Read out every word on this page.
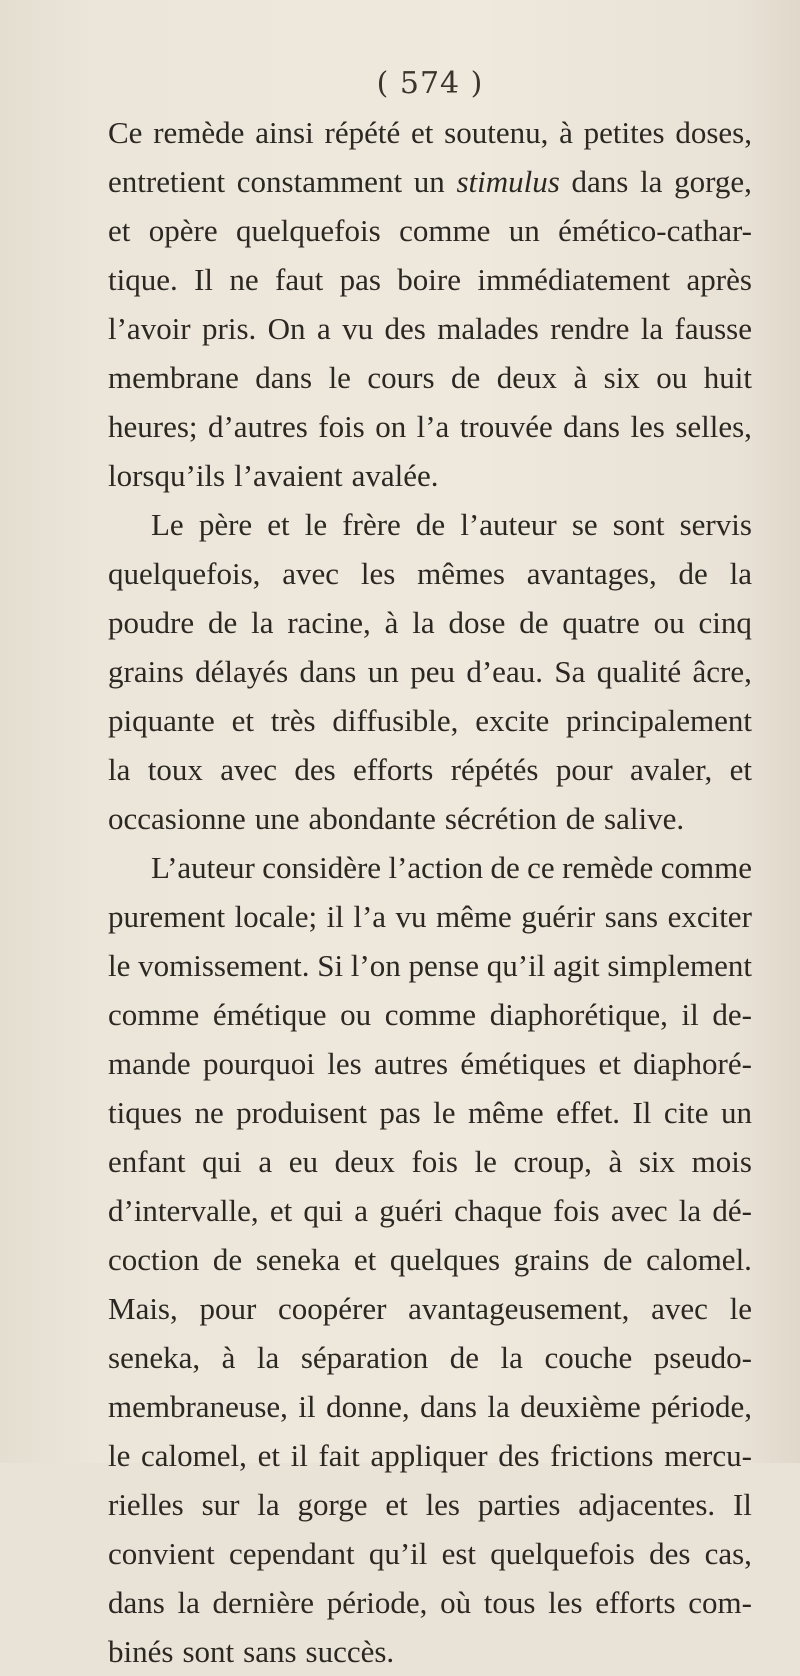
( 574 )
Ce remède ainsi répété et soutenu, à petites doses,
entretient constamment un stimulus dans la gorge,
et opère quelquefois comme un émético-cathar-
tique. Il ne faut pas boire immédiatement après
l’avoir pris. On a vu des malades rendre la fausse
membrane dans le cours de deux à six ou huit
heures; d’autres fois on l’a trouvée dans les selles,
lorsqu’ils l’avaient avalée.
Le père et le frère de l’auteur se sont servis
quelquefois, avec les mêmes avantages, de la
poudre de la racine, à la dose de quatre ou cinq
grains délayés dans un peu d’eau. Sa qualité âcre,
piquante et très diffusible, excite principalement
la toux avec des efforts répétés pour avaler, et
occasionne une abondante sécrétion de salive.
L’auteur considère l’action de ce remède comme
purement locale; il l’a vu même guérir sans exciter
le vomissement. Si l’on pense qu’il agit simplement
comme émétique ou comme diaphorétique, il de-
mande pourquoi les autres émétiques et diaphoré-
tiques ne produisent pas le même effet. Il cite un
enfant qui a eu deux fois le croup, à six mois
d’intervalle, et qui a guéri chaque fois avec la dé-
coction de seneka et quelques grains de calomel.
Mais, pour coopérer avantageusement, avec le
seneka, à la séparation de la couche pseudo-
membraneuse, il donne, dans la deuxième période,
le calomel, et il fait appliquer des frictions mercu-
rielles sur la gorge et les parties adjacentes. Il
convient cependant qu’il est quelquefois des cas,
dans la dernière période, où tous les efforts com-
binés sont sans succès.
